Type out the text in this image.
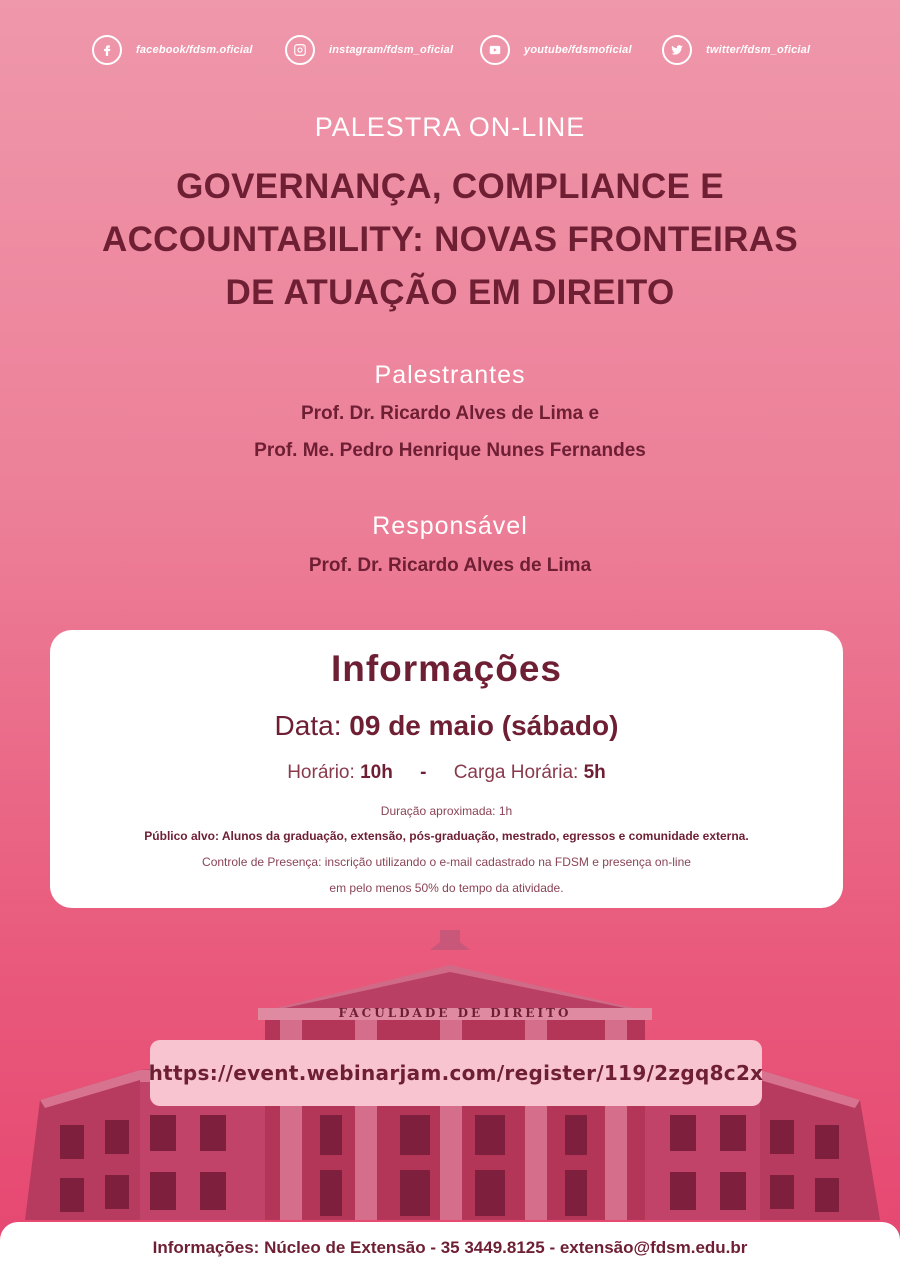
facebook/fdsm.oficial	instagram/fdsm_oficial	youtube/fdsmoficial	twitter/fdsm_oficial
PALESTRA ON-LINE
GOVERNANÇA, COMPLIANCE E
ACCOUNTABILITY: NOVAS FRONTEIRAS
DE ATUAÇÃO EM DIREITO
Palestrantes
Prof. Dr. Ricardo Alves de Lima e
Prof. Me. Pedro Henrique Nunes Fernandes
Responsável
Prof. Dr. Ricardo Alves de Lima
Informações
Data: 09 de maio (sábado)
Horário: 10h - Carga Horária: 5h
Duração aproximada: 1h
Público alvo: Alunos da graduação, extensão, pós-graduação, mestrado, egressos e comunidade externa.
Controle de Presença: inscrição utilizando o e-mail cadastrado na FDSM e presença on-line
em pelo menos 50% do tempo da atividade.
FACULDADE DE DIREITO
https://event.webinarjam.com/register/119/2zgq8c2x
Informações: Núcleo de Extensão - 35 3449.8125 - extensão@fdsm.edu.br
